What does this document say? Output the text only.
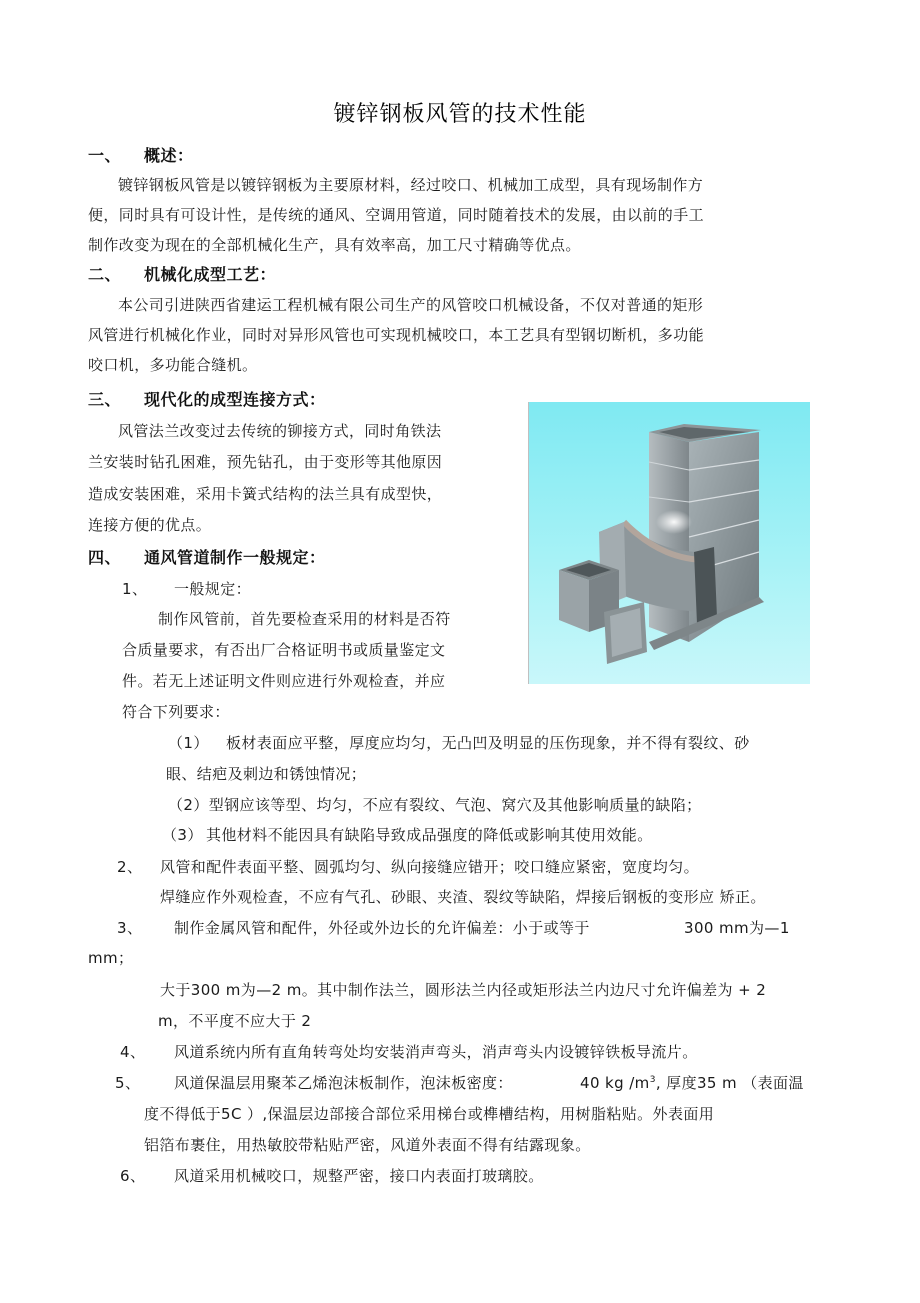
镀锌钢板风管的技术性能
一、 概述：
镀锌钢板风管是以镀锌钢板为主要原材料，经过咬口、机械加工成型，具有现场制作方
便，同时具有可设计性，是传统的通风、空调用管道，同时随着技术的发展，由以前的手工
制作改变为现在的全部机械化生产，具有效率高，加工尺寸精确等优点。
二、 机械化成型工艺：
本公司引进陕西省建运工程机械有限公司生产的风管咬口机械设备，不仅对普通的矩形
风管进行机械化作业，同时对异形风管也可实现机械咬口，本工艺具有型钢切断机，多功能
咬口机，多功能合缝机。
三、 现代化的成型连接方式：
风管法兰改变过去传统的铆接方式，同时角铁法
兰安装时钻孔困难，预先钻孔，由于变形等其他原因
造成安装困难，采用卡簧式结构的法兰具有成型快，
连接方便的优点。
四、 通风管道制作一般规定：
1、 一般规定：
制作风管前，首先要检查采用的材料是否符
合质量要求，有否出厂合格证明书或质量鉴定文
件。若无上述证明文件则应进行外观检查，并应
符合下列要求：
（1） 板材表面应平整，厚度应均匀，无凸凹及明显的压伤现象，并不得有裂纹、砂
眼、结疤及刺边和锈蚀情况；
（2）型钢应该等型、均匀，不应有裂纹、气泡、窝穴及其他影响质量的缺陷；
（3） 其他材料不能因具有缺陷导致成品强度的降低或影响其使用效能。
2、 风管和配件表面平整、圆弧均匀、纵向接缝应错开；咬口缝应紧密，宽度均匀。
焊缝应作外观检查，不应有气孔、砂眼、夹渣、裂纹等缺陷，焊接后钢板的变形应 矫正。
3、 制作金属风管和配件，外径或外边长的允许偏差：小于或等于	300 mm为—1
mm；
大于300 m为—2 m。其中制作法兰，圆形法兰内径或矩形法兰内边尺寸允许偏差为 + 2
m，不平度不应大于 2
4、 风道系统内所有直角转弯处均安装消声弯头，消声弯头内设镀锌铁板导流片。
5、 风道保温层用聚苯乙烯泡沫板制作，泡沫板密度：	40 kg $/m^3$, 厚度35 m （表面温
度不得低于5C ）,保温层边部接合部位采用梯台或榫槽结构，用树脂粘贴。外表面用
铝箔布裹住，用热敏胶带粘贴严密，风道外表面不得有结露现象。
6、 风道采用机械咬口，规整严密，接口内表面打玻璃胶。
